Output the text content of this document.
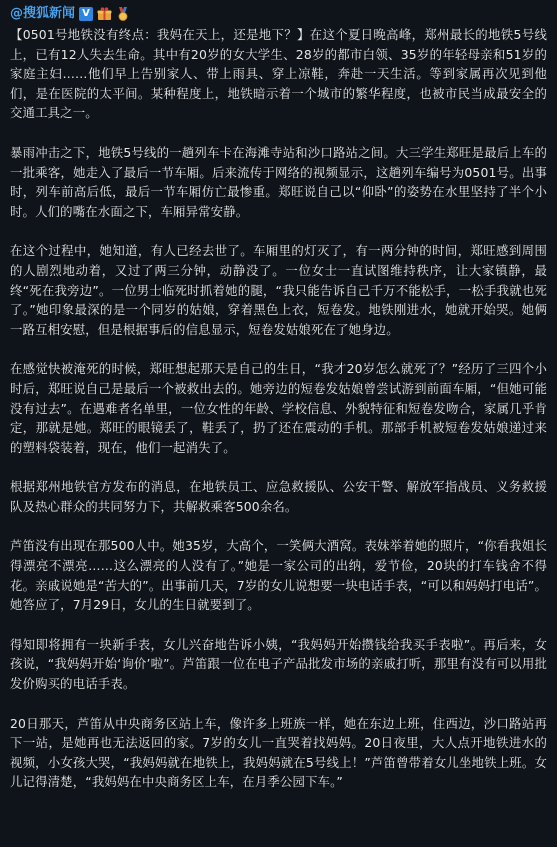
@搜狐新闻 V

【0501号地铁没有终点：我妈在天上，还是地下？】在这个夏日晚高峰，郑州最长的地铁5号线上，已有12人失去生命。其中有20岁的女大学生、28岁的都市白领、35岁的年轻母亲和51岁的家庭主妇……他们早上告别家人、带上雨具、穿上凉鞋，奔赴一天生活。等到家属再次见到他们，是在医院的太平间。某种程度上，地铁暗示着一个城市的繁华程度，也被市民当成最安全的交通工具之一。

暴雨冲击之下，地铁5号线的一趟列车卡在海滩寺站和沙口路站之间。大三学生郑旺是最后上车的一批乘客，她走入了最后一节车厢。后来流传于网络的视频显示，这趟列车编号为0501号。出事时，列车前高后低，最后一节车厢仿亡最惨重。郑旺说自己以“仰卧”的姿势在水里坚持了半个小时。人们的嘴在水面之下，车厢异常安静。

在这个过程中，她知道，有人已经去世了。车厢里的灯灭了，有一两分钟的时间，郑旺感到周围的人剧烈地动着，又过了两三分钟，动静没了。一位女士一直试图维持秩序，让大家镇静，最终“死在我旁边”。一位男士临死时抓着她的腿，“我只能告诉自己千万不能松手，一松手我就也死了。”她印象最深的是一个同岁的姑娘，穿着黑色上衣，短卷发。地铁刚进水，她就开始哭。她俩一路互相安慰，但是根据事后的信息显示，短卷发姑娘死在了她身边。

在感觉快被淹死的时候，郑旺想起那天是自己的生日，“我才20岁怎么就死了？”经历了三四个小时后，郑旺说自己是最后一个被救出去的。她旁边的短卷发姑娘曾尝试游到前面车厢，“但她可能没有过去”。在遇难者名单里，一位女性的年龄、学校信息、外貌特征和短卷发吻合，家属几乎肯定，那就是她。郑旺的眼镜丢了，鞋丢了，扔了还在震动的手机。那部手机被短卷发姑娘递过来的塑料袋装着，现在，他们一起消失了。

根据郑州地铁官方发布的消息，在地铁员工、应急救援队、公安干警、解放军指战员、义务救援队及热心群众的共同努力下，共解救乘客500余名。

芦笛没有出现在那500人中。她35岁，大高个，一笑俩大酒窝。表妹举着她的照片，“你看我姐长得漂亮不漂亮……这么漂亮的人没有了。”她是一家公司的出纳，爱节俭，20块的打车钱舍不得花。亲戚说她是“苦大的”。出事前几天，7岁的女儿说想要一块电话手表，“可以和妈妈打电话”。她答应了，7月29日，女儿的生日就要到了。

得知即将拥有一块新手表，女儿兴奋地告诉小姨，“我妈妈开始攒钱给我买手表啦”。再后来，女孩说，“我妈妈开始‘询价’啦”。芦笛跟一位在电子产品批发市场的亲戚打听，那里有没有可以用批发价购买的电话手表。

20日那天，芦笛从中央商务区站上车，像许多上班族一样，她在东边上班，住西边，沙口路站再下一站，是她再也无法返回的家。7岁的女儿一直哭着找妈妈。20日夜里，大人点开地铁进水的视频，小女孩大哭，“我妈妈就在地铁上，我妈妈就在5号线上！”芦笛曾带着女儿坐地铁上班。女儿记得清楚，“我妈妈在中央商务区上车，在月季公园下车。”
